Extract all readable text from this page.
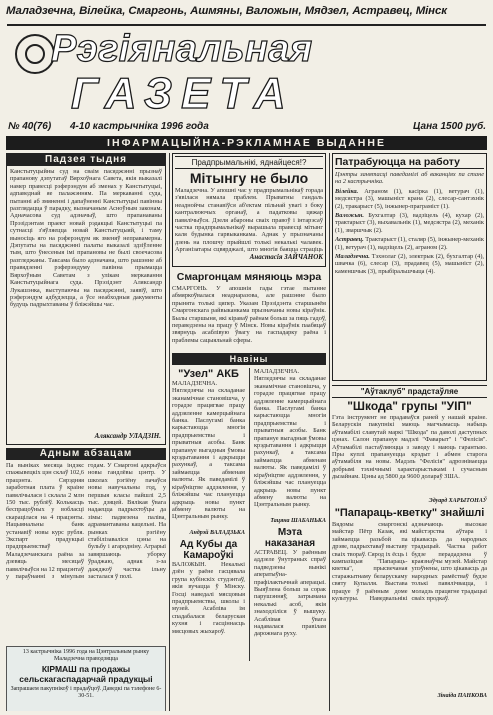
Маладзечна, Вілейка, Смаргонь, Ашмяны, Валожын, Мядзел, Астравец, Мінск
Рэгіянальная
ГАЗЕТА
№ 40(76) 4-10 кастрычніка 1996 года	Цана 1500 руб.
ІНФАРМАЦЫЙНА-РЭКЛАМНАЕ ВЫДАННЕ
Падзея тыдня
Канстытуцыйны суд на сваім пасяджэнні прызнаў прапанову дэпутатаў Вярхоўнага Савета, якія выказалі намер правесці рэферэндум аб зменах у Канстытуцыі, адпаведнай яе палажэнням. Па меркаванні суда, пытанні аб змяненні і дапаўненні Канстытуцыі павінны разглядацца ў парадку, вызначаным Асноўным законам. Адначасова суд адзначыў, што прапанаваны Прэзідэнтам праект новай рэдакцыі Канстытуцыі па сутнасці з'яўляецца новай Канстытуцыяй, і таму выносіць яго на рэферэндум як зменяў неправамерна. Дэпутаты на пасяджэнні палаты выказалі здзіўленне тым, што ўнесеныя імі прапановы не былі своечасова разгледжаны. Таксама было адзначана, што рашэнне аб правядзенні рэферэндуму павінна прымацца Вярхоўным Саветам з улікам меркавання Канстытуцыйнага суда. Прэзідэнт Аляксандр Лукашэнка, выступаючы на пасяджэнні, заявіў, што рэферэндум адбудзецца, а ўсе неабходныя дакументы будуць падрыхтаваны ў бліжэйшы час.
Аляксандр УЛАДЗІН.
Адным абзацам
Па выніках месяца індэкс спажывецкіх цэн склаў 102,6 працэнта. Сярэдняя заработная плата ў краіне павялічылася і склала 2 млн 150 тыс. рублёў. Колькасць беспрацоўных у вобласці скарацілася на 4 працэнты. Нацыянальны банк устанавіў новы курс рубля. Экспарт прадукцыі прадпрыемстваў Маладзечанскага раёна за дзевяць месяцаў павялічыўся на 12 працэнтаў у параўнанні з мінулым годам. У Смаргоні адкрыўся новы гандлёвы цэнтр. У школах рэгіёну пачаўся новы навучальны год, у першыя класы пайшлі 2,5 тыс. дзяцей. Вялікая ўвага надаецца падрыхтоўцы да зімы: падвезена паліва, адрамантаваны кацельні. На рынках рэгіёну стабілізаваліся цэны на бульбу і агародніну. Аграрыі завяршаюць уборку ўраджаю, аднак з-за дажджоў частка ільну засталася ў полі.
13 кастрычніка 1996 года на Цэнтральным рынку Маладзечна праводзяцца
КІРМАШ па продажы сельскагаспадарчай прадукцыі
Запрашаем пакупнікоў і прадаўцоў. Даведкі па тэлефоне 6-30-51.
Прадпрымальнікі, яднайцеся!?
Мітынгу не было
Маладзечна. У апошні час у прадпрымальнікаў горада з'явілася нямала праблем. Прыватны гандаль неаднойчы станавіўся аб'ектам пільнай увагі з боку кантралюючых органаў, а падатковы цяжар павялічыўся. Дзеля абароны сваіх правоў і інтарэсаў частка прадпрымальнікаў вырашыла правесці мітынг каля будынка гарвыканкама. Аднак у прызначаны дзень на плошчу прыйшлі толькі некалькі чалавек. Арганізатары сцвярджалі, што многія баяцца страціць
Анастасія ЗАЙЧАНОК
Смаргонцам мяняюць мэра
СМАРГОНЬ. У апошнія гады гэтае пытанне абмяркоўвалася неаднаразова, але рашэнне было прынята толькі цяпер. Указам Прэзідэнта старшынём Смаргонскага райвыканкама прызначаны новы кіраўнік. Былы старшыня, які кіраваў раёнам больш за пяць гадоў, пераведзены на працу ў Мінск. Новы кіраўнік паабяцаў звярнуць асаблівую ўвагу на гаспадарку раёна і праблемы сацыяльнай сферы.
Навіны
"Узел" АКБ
МАЛАДЗЕЧНА. Нягледзячы на складанае эканамічнае становішча, у горадзе працягвае працу аддзяленне камерцыйнага банка. Паслугамі банка карыстаюцца многія прадпрыемствы і прыватныя асобы. Банк прапануе выгадныя ўмовы крэдытавання і адкрыцця рахункаў, а таксама займаецца абменам валюты. Як паведамілі ў кіраўніцтве аддзялення, у бліжэйшы час плануецца адкрыць новы пункт абмену валюты на Цэнтральным рынку.
Андрэй ВАЛАДЗЬКА
Ад Кубы да Камароўкі
ВАЛОЖЫН. Некалькі дзён у раёне гасцявала група кубінскіх студэнтаў, якія вучацца ў Мінску. Госці наведалі мясцовыя прадпрыемствы, школы і музей. Асабліва ім спадабалася беларуская кухня і гасціннасць мясцовых жыхароў.
МАЛАДЗЕЧНА. Нягледзячы на складанае эканамічнае становішча, у горадзе працягвае працу аддзяленне камерцыйнага банка. Паслугамі банка карыстаюцца многія прадпрыемствы і прыватныя асобы. Банк прапануе выгадныя ўмовы крэдытавання і адкрыцця рахункаў, а таксама займаецца абменам валюты. Як паведамілі ў кіраўніцтве аддзялення, у бліжэйшы час плануецца адкрыць новы пункт абмену валюты на Цэнтральным рынку.
Тацяна ШАБАНЬКА
Мэта наказаная
АСТРАВЕЦ. У раённым аддзеле ўнутраных спраў падведзены вынікі аператыўна-прафілактычнай аперацыі. Выяўлена больш за сорак парушэнняў, затрымана некалькі асоб, якія знаходзіліся ў вышуку. Асаблівая ўвага надавалася правілам дарожнага руху.
Патрабуюцца на работу
Цэнтры занятасці паведамілі аб ваканціях па стане на 2 кастрычніка.
Вілейка. Аграном (1), касірка (1), ветурач (1), медсястра (3), машыніст крана (2), слесар-сантэхнік (2), тракарыст (5), інжынер-праграміст (1).
Валожын. Бухгалтар (3), вадзіцель (4), кухар (2), трактарыст (3), выхавальнік (1), медсястра (2), механік (1), зваршчык (2).
Астравец. Трактарыст (1), сталяр (5), інжынер-механік (1), ветурач (1), вадзіцель (2), аграном (2).
Маладзечна. Тэхнолаг (2), электрык (2), бухгалтар (4), швачка (6), слесар (3), прадавец (5), машыніст (2), каменшчык (3), прыбіральшчыца (4).
"Аўтаклуб" прадстаўляе
"Шкода" групы "УІП"
Гэта інструмент не прадаваўся раней у нашай краіне. Беларускія пакупнікі маюць магчымасць набыць аўтамабілі славутай маркі "Шкода" па даволі даступных цэнах. Салон прапануе мадэлі "Фаварыт" і "Фелісія". Аўтамабілі пастаўляюцца з заводу і маюць гарантыю. Пры куплі прапануецца крэдыт і абмен старога аўтамабіля на новы. Мадэль "Фелісія" адрозніваецца добрымі тэхнічнымі характарыстыкамі і сучасным дызайнам. Цэны ад 5800 да 9600 долараў ЗША.
Эдуард ХАРЫТОНАЎ
"Папараць-кветку" знайшлі
Вядомы смаргонскі майстар Пётр Казак, які займаецца разьбой па дрэве, падрыхтаваў выставу сваіх твораў. Сярод іх ёсць і кампазіцыя "Папараць-кветка", прысвечаная старажытнаму беларускаму святу Купалля. Выстава працуе ў раённым доме культуры. Наведвальнікі адзначаюць высокае майстэрства аўтара і цікавасць да народных традыцый. Частка работ будзе перададзена ў краязнаўчы музей. Майстар упэўнены, што цікавасць да народных рамёстваў будзе толькі павялічвацца, і моладзь працягне традыцыі сваіх продкаў.
Зінаіда ПАНКОВА
